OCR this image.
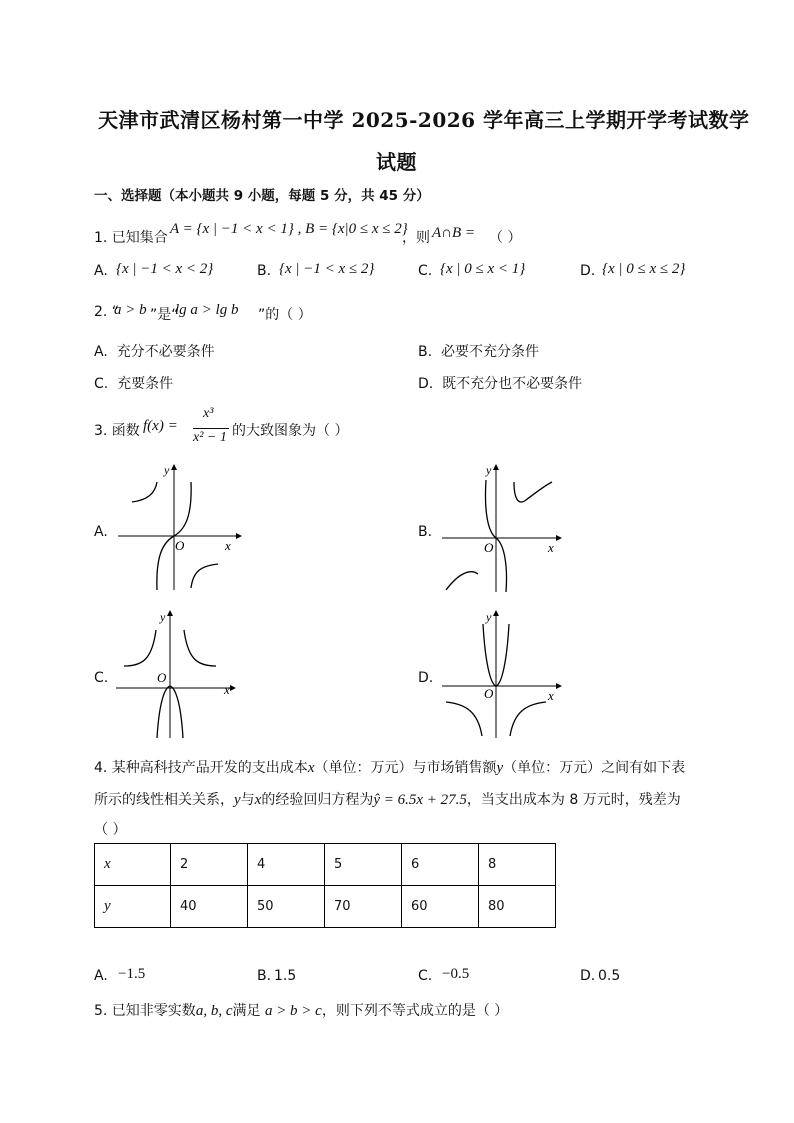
天津市武清区杨村第一中学 2025-2026 学年高三上学期开学考试数学
试题
一、选择题（本小题共 9 小题，每题 5 分，共 45 分）
1. 已知集合
A = {x | −1 < x < 1} , B = {x|0 ≤ x ≤ 2}
，则 A∩B = （ ）
A. {x | −1 < x < 2}	B. {x | −1 < x ≤ 2}	C. {x | 0 ≤ x < 1}	D. {x | 0 ≤ x ≤ 2}
2. “
a > b ”是“
lg a > lg b ”的（ ）
A. 充分不必要条件	B. 必要不充分条件
C. 充要条件	D. 既不充分也不必要条件
3. 函数 f(x) =
x³
x² − 1 的大致图象为（ ）
A.
y
O	x
B.
y
O	x
C.
y
O
x
D.
y
O	x
4. 某种高科技产品开发的支出成本x（单位：万元）与市场销售额y（单位：万元）之间有如下表
所示的线性相关关系，y与x的经验回归方程为ŷ = 6.5x + 27.5，当支出成本为 8 万元时，残差为
（ ）
x	2	4	5	6	8
y	40	50	70	60	80
A. −1.5	B. 1.5	C. −0.5	D. 0.5
5. 已知非零实数a, b, c满足 a > b > c，则下列不等式成立的是（ ）
